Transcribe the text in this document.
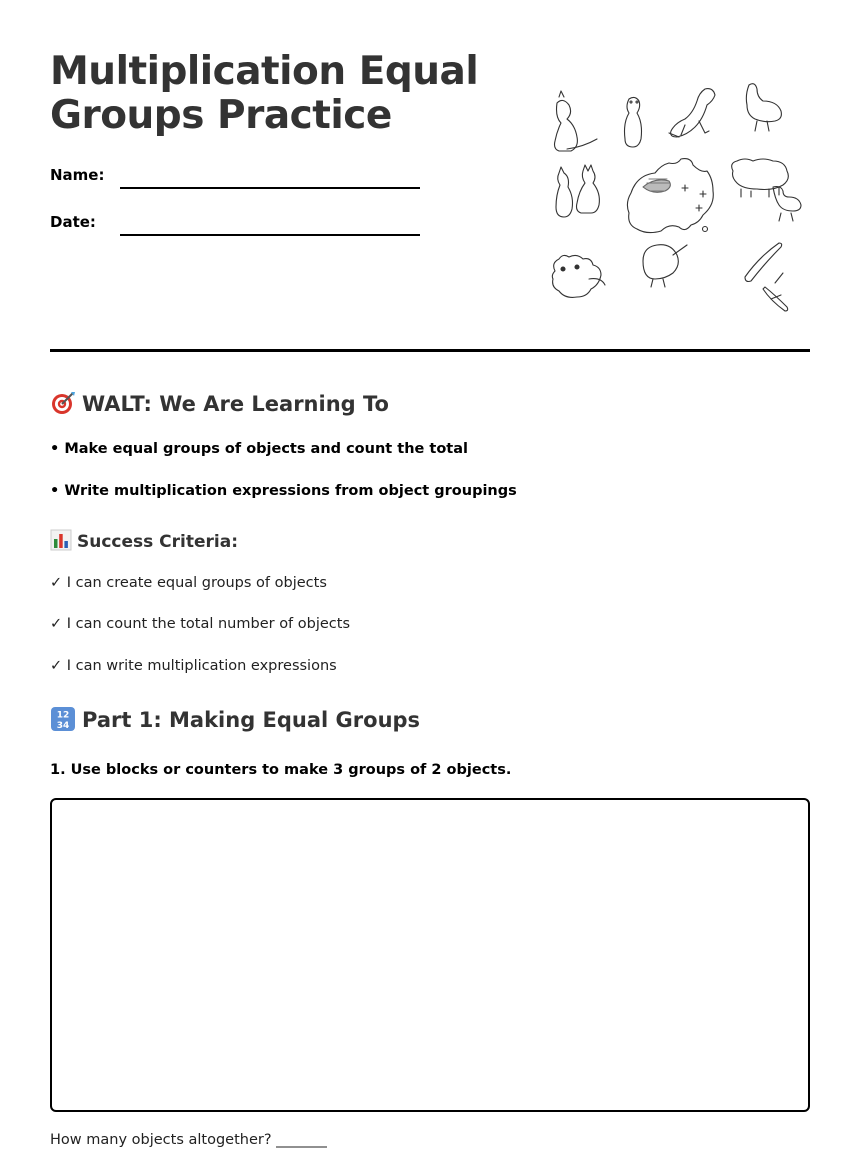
Multiplication Equal Groups Practice
Name:
Date:
WALT: We Are Learning To
• Make equal groups of objects and count the total
• Write multiplication expressions from object groupings
Success Criteria:
✓ I can create equal groups of objects
✓ I can count the total number of objects
✓ I can write multiplication expressions
12
34 Part 1: Making Equal Groups
1. Use blocks or counters to make 3 groups of 2 objects.
How many objects altogether? _______
